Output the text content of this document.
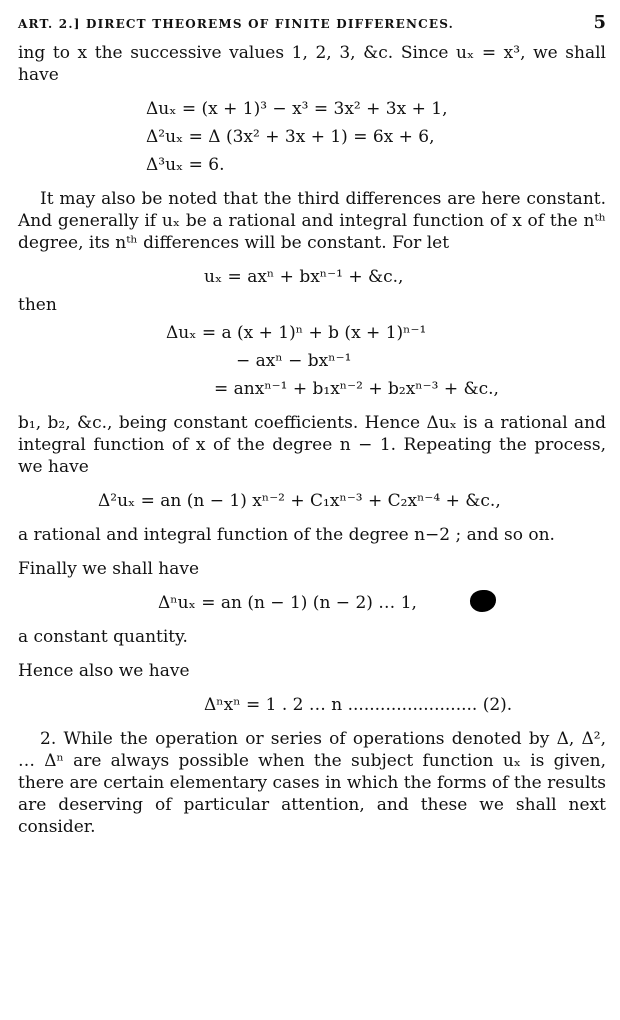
ART. 2.] DIRECT THEOREMS OF FINITE DIFFERENCES.	5

ing to x the successive values 1, 2, 3, &c. Since uₓ = x³, we shall have

Δuₓ = (x + 1)³ − x³ = 3x² + 3x + 1,
Δ²uₓ = Δ (3x² + 3x + 1) = 6x + 6,
Δ³uₓ = 6.

It may also be noted that the third differences are here constant. And generally if uₓ be a rational and integral function of x of the nᵗʰ degree, its nᵗʰ differences will be constant. For let

uₓ = axⁿ + bxⁿ⁻¹ + &c.,

then

Δuₓ = a (x + 1)ⁿ + b (x + 1)ⁿ⁻¹
− axⁿ − bxⁿ⁻¹
= anxⁿ⁻¹ + b₁xⁿ⁻² + b₂xⁿ⁻³ + &c.,

b₁, b₂, &c., being constant coefficients. Hence Δuₓ is a rational and integral function of x of the degree n − 1. Repeating the process, we have

Δ²uₓ = an (n − 1) xⁿ⁻² + C₁xⁿ⁻³ + C₂xⁿ⁻⁴ + &c.,

a rational and integral function of the degree n−2 ; and so on.

Finally we shall have

Δⁿuₓ = an (n − 1) (n − 2) … 1,

a constant quantity.

Hence also we have

Δⁿxⁿ = 1 . 2 … n ........................ (2).

2. While the operation or series of operations denoted by Δ, Δ², … Δⁿ are always possible when the subject function uₓ is given, there are certain elementary cases in which the forms of the results are deserving of particular attention, and these we shall next consider.
